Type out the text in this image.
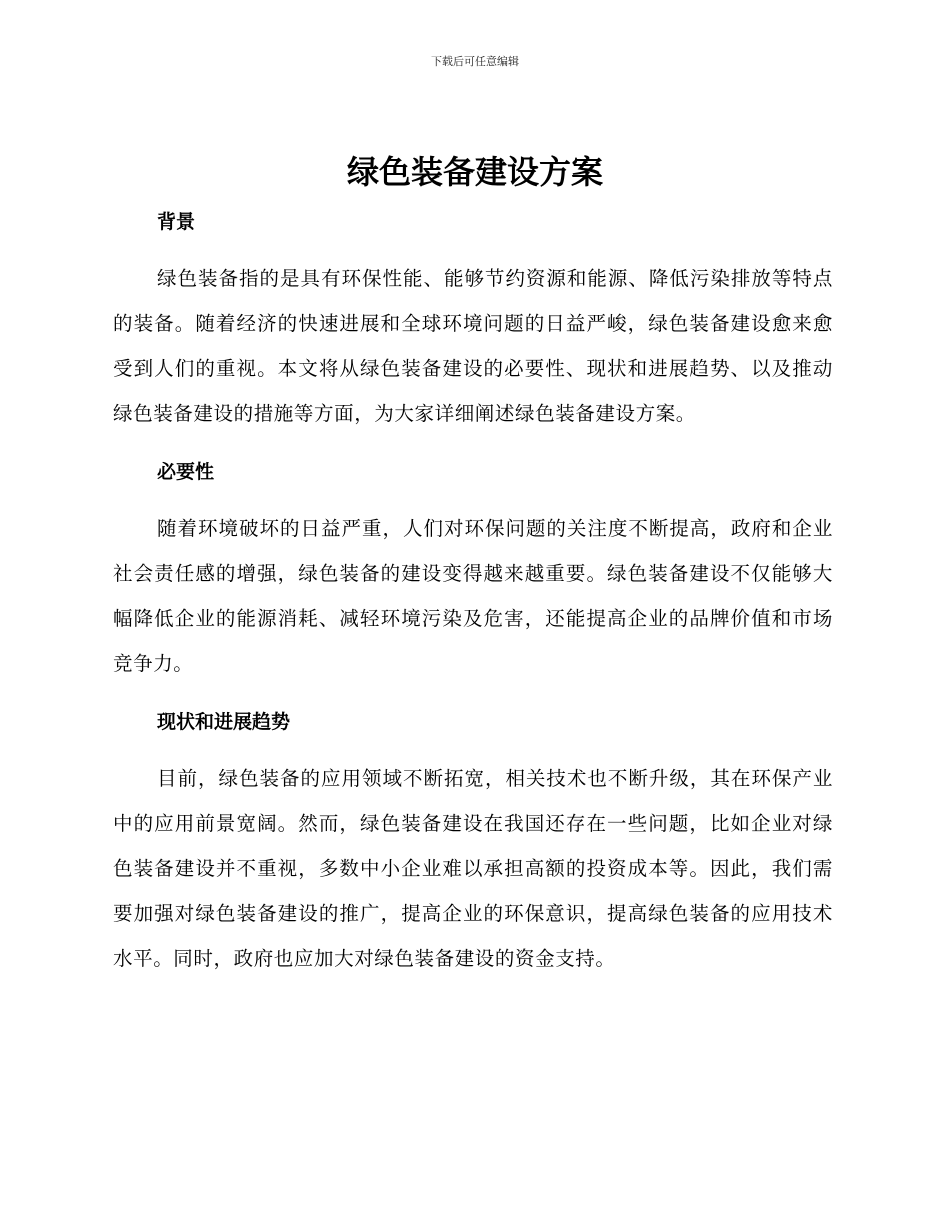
下载后可任意编辑
绿色装备建设方案
背景

绿色装备指的是具有环保性能、能够节约资源和能源、降低污染排放等特点的装备。随着经济的快速进展和全球环境问题的日益严峻，绿色装备建设愈来愈受到人们的重视。本文将从绿色装备建设的必要性、现状和进展趋势、以及推动绿色装备建设的措施等方面，为大家详细阐述绿色装备建设方案。

必要性

随着环境破坏的日益严重，人们对环保问题的关注度不断提高，政府和企业社会责任感的增强，绿色装备的建设变得越来越重要。绿色装备建设不仅能够大幅降低企业的能源消耗、减轻环境污染及危害，还能提高企业的品牌价值和市场竞争力。

现状和进展趋势

目前，绿色装备的应用领域不断拓宽，相关技术也不断升级，其在环保产业中的应用前景宽阔。然而，绿色装备建设在我国还存在一些问题，比如企业对绿色装备建设并不重视，多数中小企业难以承担高额的投资成本等。因此，我们需要加强对绿色装备建设的推广，提高企业的环保意识，提高绿色装备的应用技术水平。同时，政府也应加大对绿色装备建设的资金支持。
